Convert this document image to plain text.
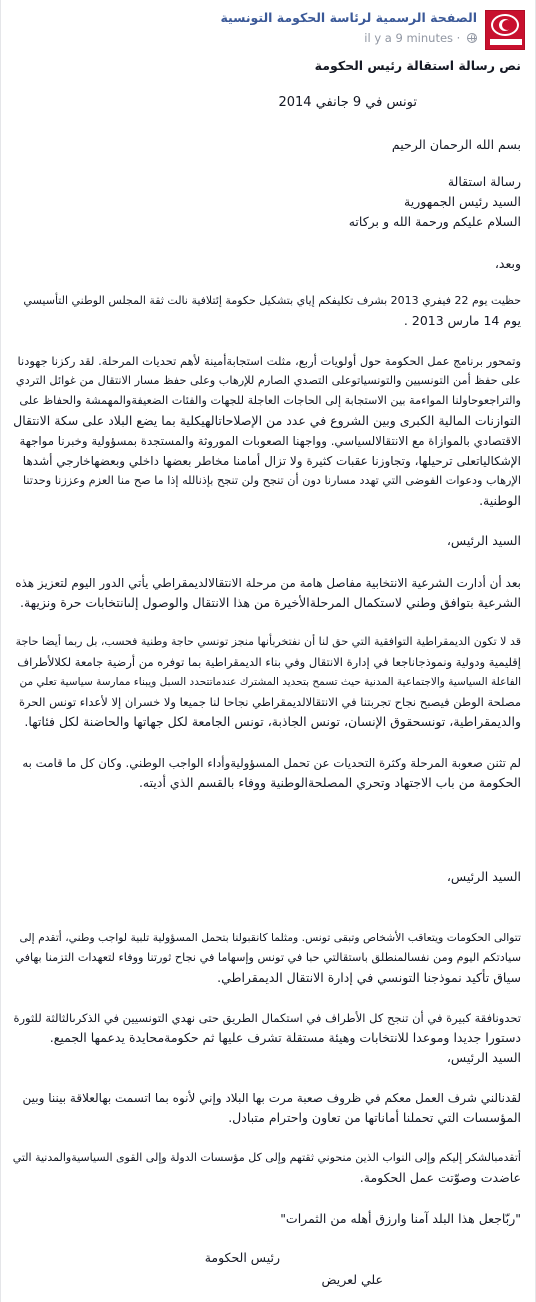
الصفحة الرسمية لرئاسة الحكومة التونسية
il y a 9 minutes ·
نص رسالة استقالة رئيس الحكومة
تونس في 9 جانفي 2014
بسم الله الرحمان الرحيم
رسالة استقالة
السيد رئيس الجمهورية
السلام عليكم ورحمة الله و بركاته
وبعد،
حظيت يوم 22 فيفري 2013 بشرف تكليفكم إياي بتشكيل حكومة إئتلافية نالت ثقة المجلس الوطني التأسيسي
يوم 14 مارس 2013 .
وتمحور برنامج عمل الحكومة حول أولويات أربع، مثلت استجابةأمينة لأهم تحديات المرحلة. لقد ركزنا جهودنا
على حفظ أمن التونسيين والتونسياتوعلى التصدي الصارم للإرهاب وعلى حفظ مسار الانتقال من غوائل التردي
والتراجعوحاولنا المواءمة بين الاستجابة إلى الحاجات العاجلة للجهات والفئات الضعيفةوالمهمشة والحفاظ على
التوازنات المالية الكبرى وبين الشروع في عدد من الإصلاحاتالهيكلية بما يضع البلاد على سكة الانتقال
الاقتصادي بالموازاة مع الانتقالالسياسي. وواجهنا الصعوبات الموروثة والمستجدة بمسؤولية وخبرنا مواجهة
الإشكالياتعلى ترحيلها، وتجاوزنا عقبات كثيرة ولا تزال أمامنا مخاطر بعضها داخلي وبعضهاخارجي أشدها
الإرهاب ودعوات الفوضى التي تهدد مسارنا دون أن تنجح ولن تنجح بإذنالله إذا ما صح منا العزم وعززنا وحدتنا
الوطنية.
السيد الرئيس،
بعد أن أدارت الشرعية الانتخابية مفاصل هامة من مرحلة الانتقالالديمقراطي يأتي الدور اليوم لتعزيز هذه
الشرعية بتوافق وطني لاستكمال المرحلةالأخيرة من هذا الانتقال والوصول إلىانتخابات حرة ونزيهة.
قد لا تكون الديمقراطية التوافقية التي حق لنا أن نفتخربأنها منجز تونسي حاجة وطنية فحسب، بل ربما أيضا حاجة
إقليمية ودولية ونموذجاناجعا في إدارة الانتقال وفي بناء الديمقراطية بما توفره من أرضية جامعة لكلالأطراف
الفاعلة السياسية والاجتماعية المدنية حيث تسمح بتحديد المشترك عندماتتحدد السبل ويبناء ممارسة سياسية تعلي من
مصلحة الوطن فيصبح نجاح تجربتنا في الانتقالالديمقراطي نجاحا لنا جميعا ولا خسران إلا لأعداء تونس الحرة
والديمقراطية، تونسحقوق الإنسان، تونس الجاذبة، تونس الجامعة لكل جهاتها والحاضنة لكل فئاتها.
لم تثنن صعوبة المرحلة وكثرة التحديات عن تحمل المسؤوليةوأداء الواجب الوطني. وكان كل ما قامت به
الحكومة من باب الاجتهاد وتحري المصلحةالوطنية ووفاء بالقسم الذي أديته.
السيد الرئيس،
تتوالى الحكومات ويتعاقب الأشخاص وتبقى تونس. ومثلما كانقبولنا بتحمل المسؤولية تلبية لواجب وطني، أتقدم إلى
سيادتكم اليوم ومن نفسالمنطلق باستقالتي حبا في تونس وإسهاما في نجاح ثورتنا ووفاء لتعهدات التزمنا بهافي
سياق تأكيد نموذجنا التونسي في إدارة الانتقال الديمقراطي.
تحدونافقة كبيرة في أن تنجح كل الأطراف في استكمال الطريق حتى نهدي التونسيين في الذكرىالثالثة للثورة
دستورا جديدا وموعدا للانتخابات وهيئة مستقلة تشرف عليها ثم حكومةمحايدة يدعمها الجميع.
السيد الرئيس،
لقدنالني شرف العمل معكم في ظروف صعبة مرت بها البلاد وإني لأنوه بما اتسمت بهالعلاقة بيننا وبين
المؤسسات التي تحملنا أماناتها من تعاون واحترام متبادل.
أتقدمبالشكر إليكم وإلى النواب الذين منحوني ثقتهم وإلى كل مؤسسات الدولة وإلى القوى السياسيةوالمدنية التي
عاضدت وصوّتت عمل الحكومة.
"ربّاجعل هذا البلد آمنا وارزق أهله من الثمرات"
رئيس الحكومة
علي لعريض
